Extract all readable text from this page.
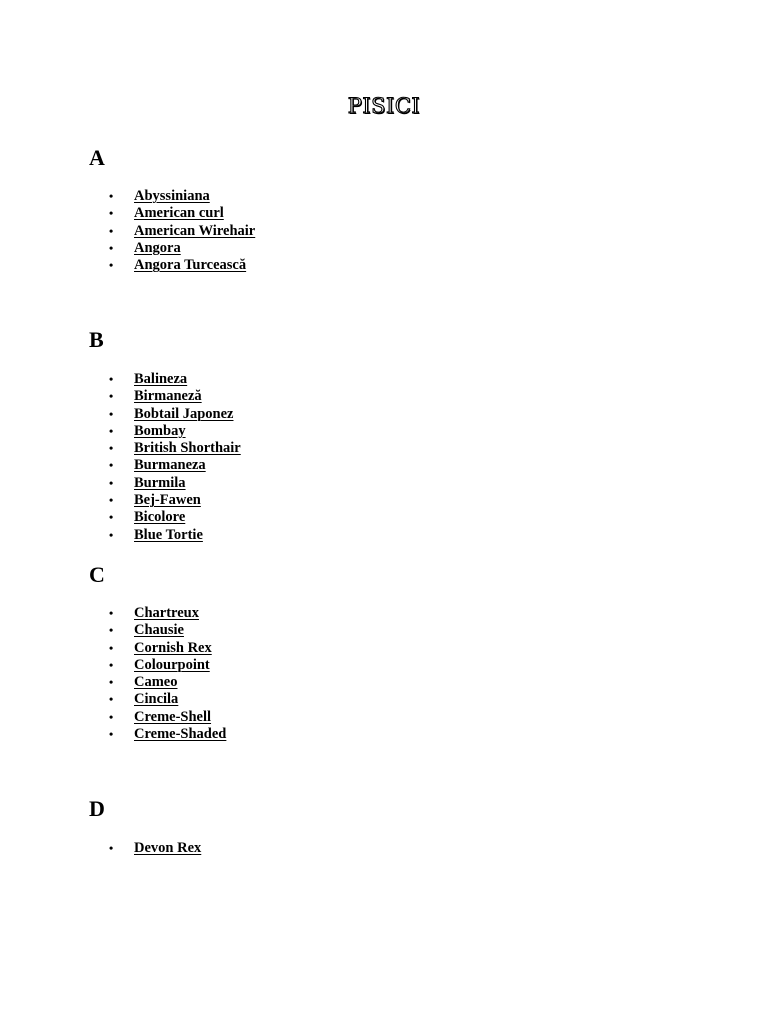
PISICI
A
• Abyssiniana
• American curl
• American Wirehair
• Angora
• Angora Turcească
B
• Balineza
• Birmaneză
• Bobtail Japonez
• Bombay
• British Shorthair
• Burmaneza
• Burmila
• Bej-Fawen
• Bicolore
• Blue Tortie
C
• Chartreux
• Chausie
• Cornish Rex
• Colourpoint
• Cameo
• Cincila
• Creme-Shell
• Creme-Shaded
D
• Devon Rex
